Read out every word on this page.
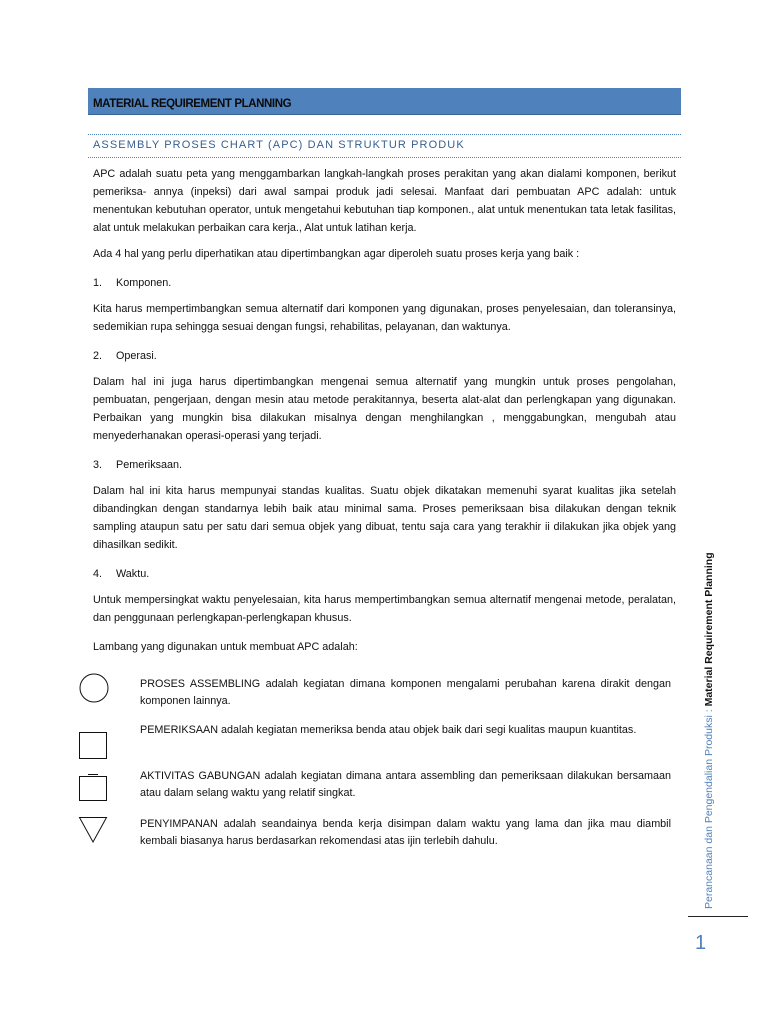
MATERIAL REQUIREMENT PLANNING
ASSEMBLY PROSES CHART (APC) DAN STRUKTUR PRODUK

APC adalah suatu peta yang menggambarkan langkah-langkah proses perakitan yang akan dialami komponen, berikut pemeriksa- annya (inpeksi) dari awal sampai produk jadi selesai. Manfaat dari pembuatan APC adalah: untuk menentukan kebutuhan operator, untuk mengetahui kebutuhan tiap komponen., alat untuk menentukan tata letak fasilitas, alat untuk melakukan perbaikan cara kerja., Alat untuk latihan kerja.

Ada 4 hal yang perlu diperhatikan atau dipertimbangkan agar diperoleh suatu proses kerja yang baik :

1.	Komponen.

Kita harus mempertimbangkan semua alternatif dari komponen yang digunakan, proses penyelesaian, dan toleransinya, sedemikian rupa sehingga sesuai dengan fungsi, rehabilitas, pelayanan, dan waktunya.

2.	Operasi.

Dalam hal ini juga harus dipertimbangkan mengenai semua alternatif yang mungkin untuk proses pengolahan, pembuatan, pengerjaan, dengan mesin atau metode perakitannya, beserta alat-alat dan perlengkapan yang digunakan. Perbaikan yang mungkin bisa dilakukan misalnya dengan menghilangkan , menggabungkan, mengubah atau menyederhanakan operasi-operasi yang terjadi.

3.	Pemeriksaan.

Dalam hal ini kita harus mempunyai standas kualitas. Suatu objek dikatakan memenuhi syarat kualitas jika setelah dibandingkan dengan standarnya lebih baik atau minimal sama. Proses pemeriksaan bisa dilakukan dengan teknik sampling ataupun satu per satu dari semua objek yang dibuat, tentu saja cara yang terakhir ii dilakukan jika objek yang dihasilkan sedikit.

4.	Waktu.

Untuk mempersingkat waktu penyelesaian, kita harus mempertimbangkan semua alternatif mengenai metode, peralatan, dan penggunaan perlengkapan-perlengkapan khusus.

Lambang yang digunakan untuk membuat APC adalah:

PROSES ASSEMBLING adalah kegiatan dimana komponen mengalami perubahan karena dirakit dengan komponen lainnya.
PEMERIKSAAN adalah kegiatan memeriksa benda atau objek baik dari segi kualitas maupun kuantitas.
AKTIVITAS GABUNGAN adalah kegiatan dimana antara assembling dan pemeriksaan dilakukan bersamaan atau dalam selang waktu yang relatif singkat.
PENYIMPANAN adalah seandainya benda kerja disimpan dalam waktu yang lama dan jika mau diambil kembali biasanya harus berdasarkan rekomendasi atas ijin terlebih dahulu.	Perancanaan dan Pengendalian Produksi : Material Requirement Planning
1
